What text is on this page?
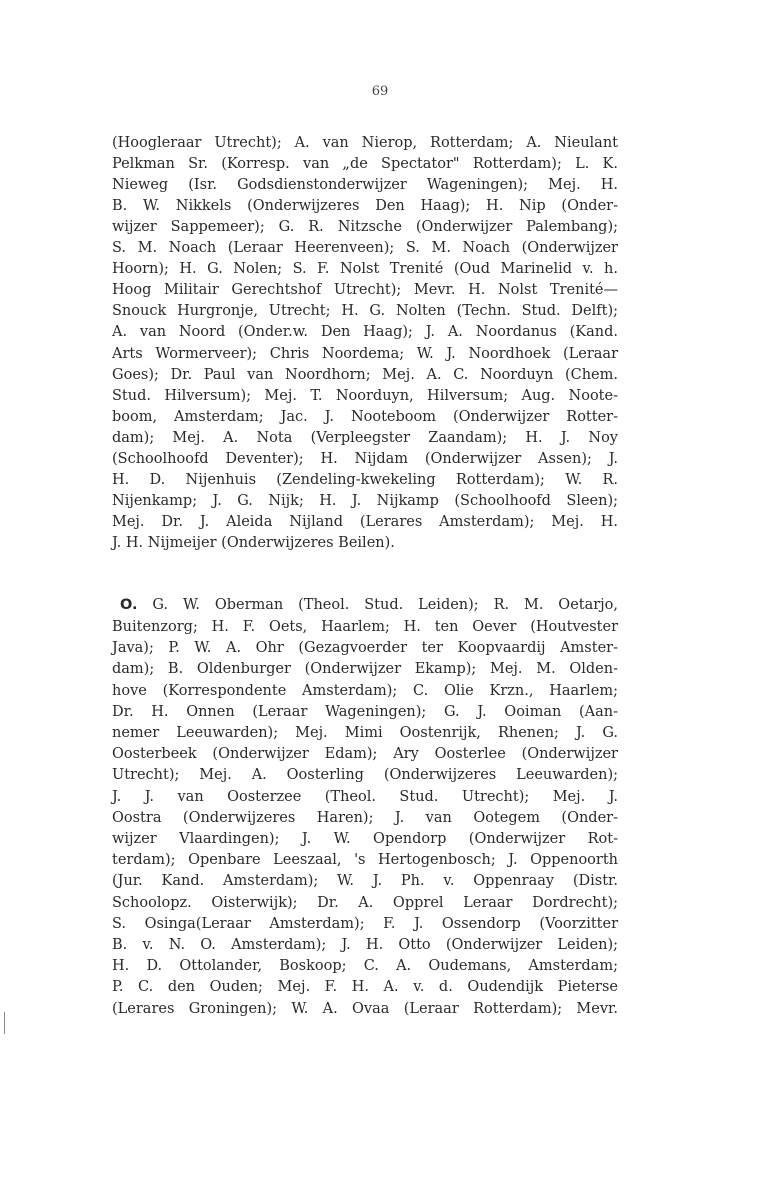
69
(Hoogleraar Utrecht); A. van Nierop, Rotterdam; A. Nieulant
Pelkman Sr. (Korresp. van „de Spectator" Rotterdam); L. K.
Nieweg (Isr. Godsdienstonderwijzer Wageningen); Mej. H.
B. W. Nikkels (Onderwijzeres Den Haag); H. Nip (Onder-
wijzer Sappemeer); G. R. Nitzsche (Onderwijzer Palembang);
S. M. Noach (Leraar Heerenveen); S. M. Noach (Onderwijzer
Hoorn); H. G. Nolen; S. F. Nolst Trenité (Oud Marinelid v. h.
Hoog Militair Gerechtshof Utrecht); Mevr. H. Nolst Trenité—
Snouck Hurgronje, Utrecht; H. G. Nolten (Techn. Stud. Delft);
A. van Noord (Onder.w. Den Haag); J. A. Noordanus (Kand.
Arts Wormerveer); Chris Noordema; W. J. Noordhoek (Leraar
Goes); Dr. Paul van Noordhorn; Mej. A. C. Noorduyn (Chem.
Stud. Hilversum); Mej. T. Noorduyn, Hilversum; Aug. Noote-
boom, Amsterdam; Jac. J. Nooteboom (Onderwijzer Rotter-
dam); Mej. A. Nota (Verpleegster Zaandam); H. J. Noy
(Schoolhoofd Deventer); H. Nijdam (Onderwijzer Assen); J.
H. D. Nijenhuis (Zendeling-kwekeling Rotterdam); W. R.
Nijenkamp; J. G. Nijk; H. J. Nijkamp (Schoolhoofd Sleen);
Mej. Dr. J. Aleida Nijland (Lerares Amsterdam); Mej. H.
J. H. Nijmeijer (Onderwijzeres Beilen).
O. G. W. Oberman (Theol. Stud. Leiden); R. M. Oetarjo,
Buitenzorg; H. F. Oets, Haarlem; H. ten Oever (Houtvester
Java); P. W. A. Ohr (Gezagvoerder ter Koopvaardij Amster-
dam); B. Oldenburger (Onderwijzer Ekamp); Mej. M. Olden-
hove (Korrespondente Amsterdam); C. Olie Krzn., Haarlem;
Dr. H. Onnen (Leraar Wageningen); G. J. Ooiman (Aan-
nemer Leeuwarden); Mej. Mimi Oostenrijk, Rhenen; J. G.
Oosterbeek (Onderwijzer Edam); Ary Oosterlee (Onderwijzer
Utrecht); Mej. A. Oosterling (Onderwijzeres Leeuwarden);
J. J. van Oosterzee (Theol. Stud. Utrecht); Mej. J.
Oostra (Onderwijzeres Haren); J. van Ootegem (Onder-
wijzer Vlaardingen); J. W. Opendorp (Onderwijzer Rot-
terdam); Openbare Leeszaal, 's Hertogenbosch; J. Oppenoorth
(Jur. Kand. Amsterdam); W. J. Ph. v. Oppenraay (Distr.
Schoolopz. Oisterwijk); Dr. A. Opprel Leraar Dordrecht);
S. Osinga(Leraar Amsterdam); F. J. Ossendorp (Voorzitter
B. v. N. O. Amsterdam); J. H. Otto (Onderwijzer Leiden);
H. D. Ottolander, Boskoop; C. A. Oudemans, Amsterdam;
P. C. den Ouden; Mej. F. H. A. v. d. Oudendijk Pieterse
(Lerares Groningen); W. A. Ovaa (Leraar Rotterdam); Mevr.
